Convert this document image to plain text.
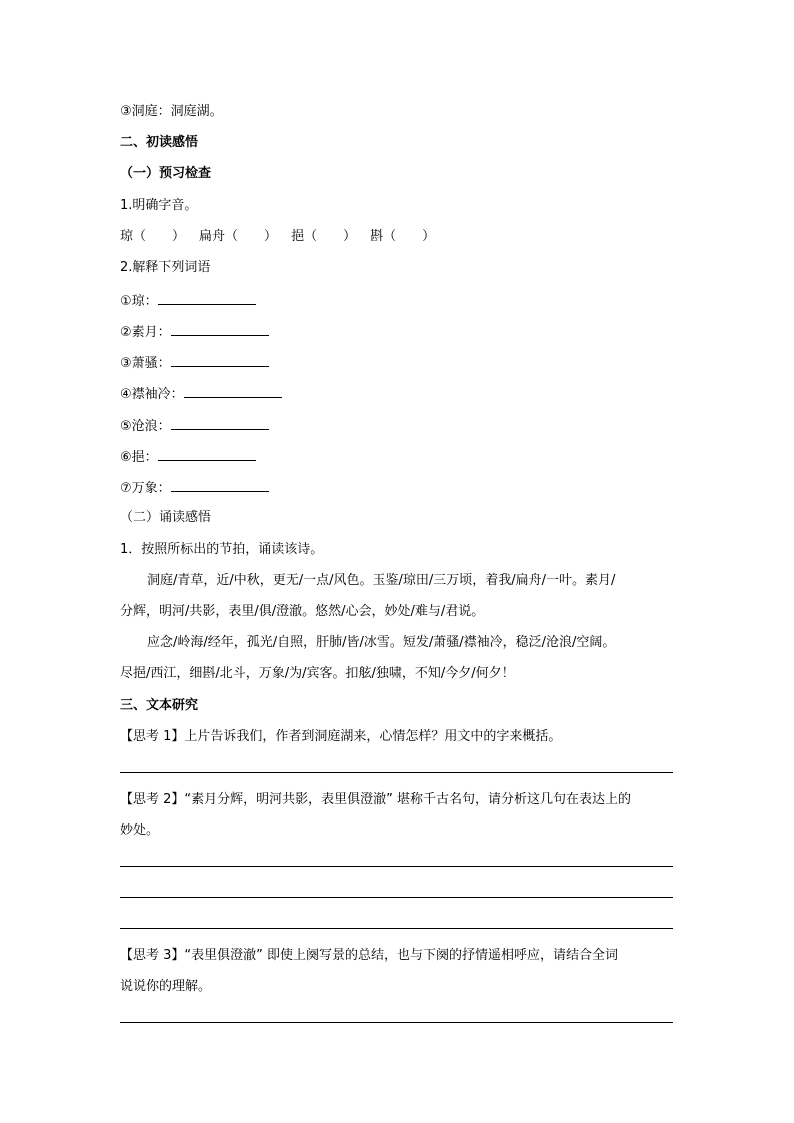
③洞庭：洞庭湖。
二、初读感悟
（一）预习检查
1.明确字音。
琼（　　） 扁舟（　　） 挹（　　） 斟（　　）
2.解释下列词语
①琼：
②素月：
③萧骚：
④襟袖冷：
⑤沧浪：
⑥挹：
⑦万象：
（二）诵读感悟
1．按照所标出的节拍，诵读该诗。
洞庭/青草，近/中秋，更无/一点/风色。玉鉴/琼田/三万顷，着我/扁舟/一叶。素月/
分辉，明河/共影，表里/俱/澄澈。悠然/心会，妙处/难与/君说。
应念/岭海/经年，孤光/自照，肝肺/皆/冰雪。短发/萧骚/襟袖冷，稳泛/沧浪/空阔。
尽挹/西江，细斟/北斗，万象/为/宾客。扣舷/独啸，不知/今夕/何夕！
三、文本研究
【思考 1】上片告诉我们，作者到洞庭湖来，心情怎样？用文中的字来概括。
【思考 2】“素月分辉，明河共影，表里俱澄澈” 堪称千古名句，请分析这几句在表达上的
妙处。
【思考 3】“表里俱澄澈” 即使上阕写景的总结，也与下阕的抒情遥相呼应，请结合全词
说说你的理解。
